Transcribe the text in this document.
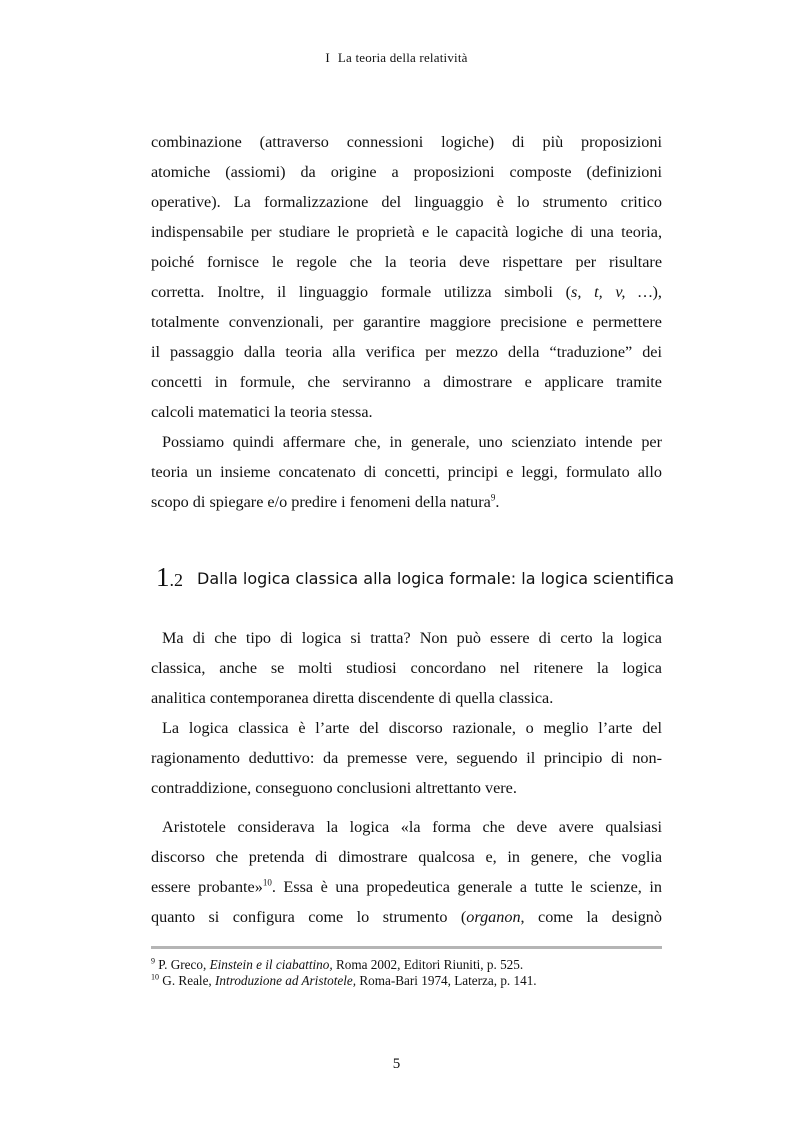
I La teoria della relatività
combinazione (attraverso connessioni logiche) di più proposizioni
atomiche (assiomi) da origine a proposizioni composte (definizioni
operative). La formalizzazione del linguaggio è lo strumento critico
indispensabile per studiare le proprietà e le capacità logiche di una teoria,
poiché fornisce le regole che la teoria deve rispettare per risultare
corretta. Inoltre, il linguaggio formale utilizza simboli (s, t, v, …),
totalmente convenzionali, per garantire maggiore precisione e permettere
il passaggio dalla teoria alla verifica per mezzo della “traduzione” dei
concetti in formule, che serviranno a dimostrare e applicare tramite
calcoli matematici la teoria stessa.
Possiamo quindi affermare che, in generale, uno scienziato intende per
teoria un insieme concatenato di concetti, principi e leggi, formulato allo
scopo di spiegare e/o predire i fenomeni della natura$^9$.
1.2 Dalla logica classica alla logica formale: la logica scientifica
Ma di che tipo di logica si tratta? Non può essere di certo la logica
classica, anche se molti studiosi concordano nel ritenere la logica
analitica contemporanea diretta discendente di quella classica.
La logica classica è l’arte del discorso razionale, o meglio l’arte del
ragionamento deduttivo: da premesse vere, seguendo il principio di non-
contraddizione, conseguono conclusioni altrettanto vere.
Aristotele considerava la logica «la forma che deve avere qualsiasi
discorso che pretenda di dimostrare qualcosa e, in genere, che voglia
essere probante»$^{10}$. Essa è una propedeutica generale a tutte le scienze, in
quanto si configura come lo strumento (organon, come la designò
$^9$ P. Greco, Einstein e il ciabattino, Roma 2002, Editori Riuniti, p. 525.
$^{10}$ G. Reale, Introduzione ad Aristotele, Roma-Bari 1974, Laterza, p. 141.
5
